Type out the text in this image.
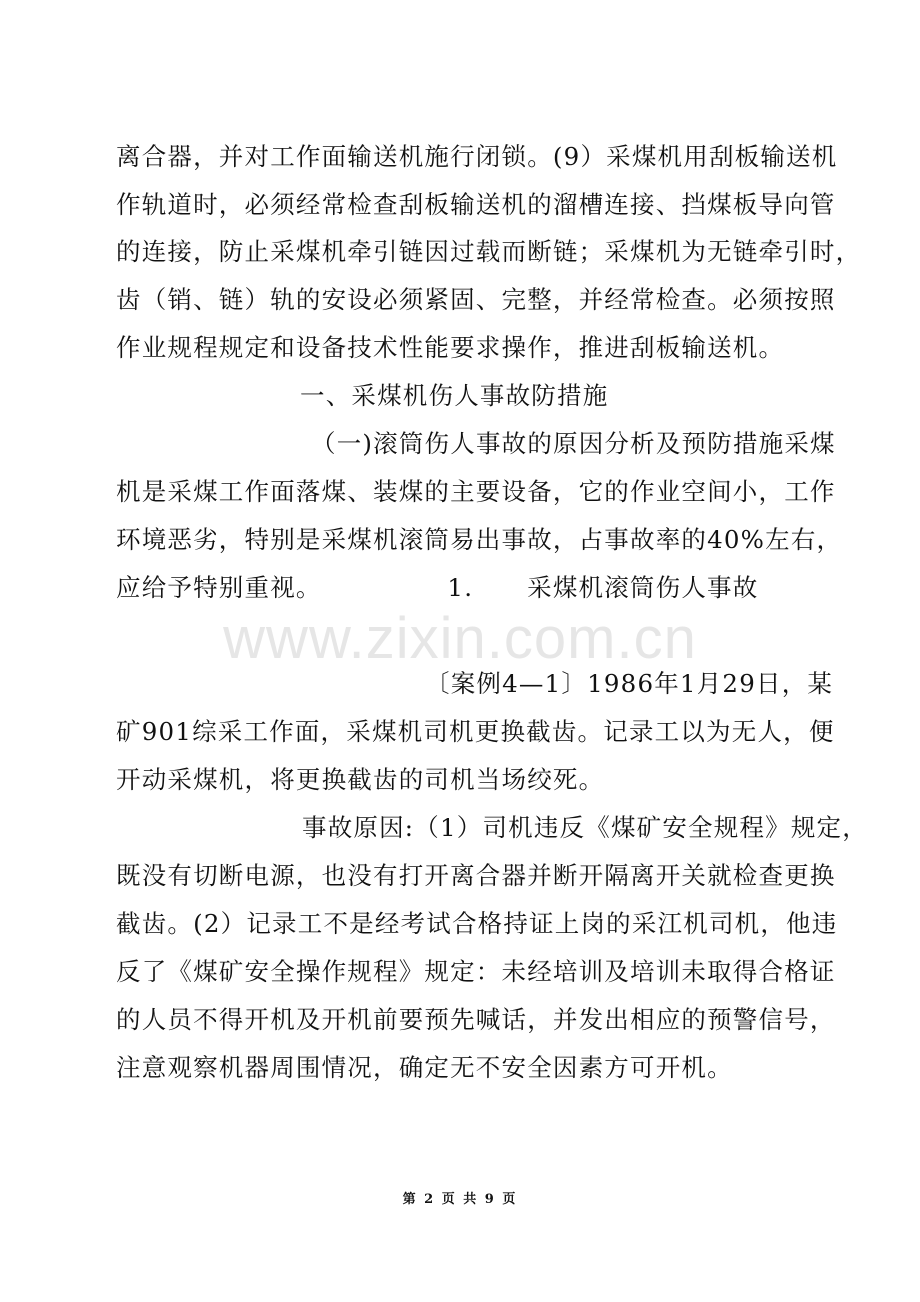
www.zixin.com.cn
离合器，并对工作面输送机施行闭锁。(9）采煤机用刮板输送机
作轨道时，必须经常检查刮板输送机的溜槽连接、挡煤板导向管
的连接，防止采煤机牵引链因过载而断链；采煤机为无链牵引时，
齿（销、链）轨的安设必须紧固、完整，并经常检查。必须按照
作业规程规定和设备技术性能要求操作，推进刮板输送机。
一、采煤机伤人事故防措施
（一)滚筒伤人事故的原因分析及预防措施采煤
机是采煤工作面落煤、装煤的主要设备，它的作业空间小，工作
环境恶劣，特别是采煤机滚筒易出事故，占事故率的40%左右，
应给予特别重视。              1.      采煤机滚筒伤人事故
〔案例4—1〕1986年1月29日，某
矿901综采工作面，采煤机司机更换截齿。记录工以为无人，便
开动采煤机，将更换截齿的司机当场绞死。
事故原因:（1）司机违反《煤矿安全规程》规定，
既没有切断电源，也没有打开离合器并断开隔离开关就检查更换
截齿。(2）记录工不是经考试合格持证上岗的采江机司机，他违
反了《煤矿安全操作规程》规定：未经培训及培训未取得合格证
的人员不得开机及开机前要预先喊话，并发出相应的预警信号，
注意观察机器周围情况，确定无不安全因素方可开机。
第 2 页 共 9 页
